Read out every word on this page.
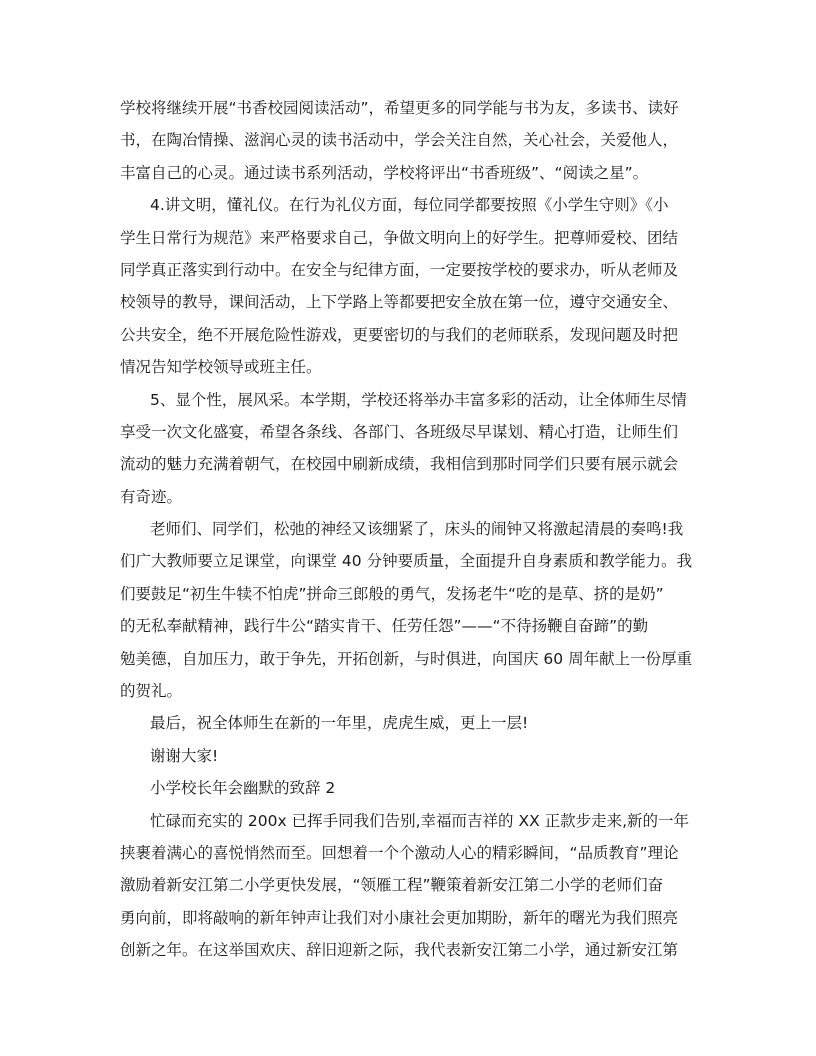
学校将继续开展“书香校园阅读活动”，希望更多的同学能与书为友，多读书、读好
书，在陶冶情操、滋润心灵的读书活动中，学会关注自然，关心社会，关爱他人，
丰富自己的心灵。通过读书系列活动，学校将评出“书香班级”、“阅读之星”。
4.讲文明，懂礼仪。在行为礼仪方面，每位同学都要按照《小学生守则》《小
学生日常行为规范》来严格要求自己，争做文明向上的好学生。把尊师爱校、团结
同学真正落实到行动中。在安全与纪律方面，一定要按学校的要求办，听从老师及
校领导的教导，课间活动，上下学路上等都要把安全放在第一位，遵守交通安全、
公共安全，绝不开展危险性游戏，更要密切的与我们的老师联系，发现问题及时把
情况告知学校领导或班主任。
5、显个性，展风采。本学期，学校还将举办丰富多彩的活动，让全体师生尽情
享受一次文化盛宴，希望各条线、各部门、各班级尽早谋划、精心打造，让师生们
流动的魅力充满着朝气，在校园中刷新成绩，我相信到那时同学们只要有展示就会
有奇迹。
老师们、同学们，松弛的神经又该绷紧了，床头的闹钟又将激起清晨的奏鸣!我
们广大教师要立足课堂，向课堂 40 分钟要质量，全面提升自身素质和教学能力。我
们要鼓足“初生牛犊不怕虎”拼命三郎般的勇气，发扬老牛“吃的是草、挤的是奶”
的无私奉献精神，践行牛公“踏实肯干、任劳任怨”——“不待扬鞭自奋蹄”的勤
勉美德，自加压力，敢于争先，开拓创新，与时俱进，向国庆 60 周年献上一份厚重
的贺礼。
最后，祝全体师生在新的一年里，虎虎生威，更上一层!
谢谢大家!
小学校长年会幽默的致辞 2
忙碌而充实的 200x 已挥手同我们告别,幸福而吉祥的 XX 正款步走来,新的一年
挟裹着满心的喜悦悄然而至。回想着一个个激动人心的精彩瞬间，“品质教育”理论
激励着新安江第二小学更快发展，“领雁工程”鞭策着新安江第二小学的老师们奋
勇向前，即将敲响的新年钟声让我们对小康社会更加期盼，新年的曙光为我们照亮
创新之年。在这举国欢庆、辞旧迎新之际，我代表新安江第二小学，通过新安江第
